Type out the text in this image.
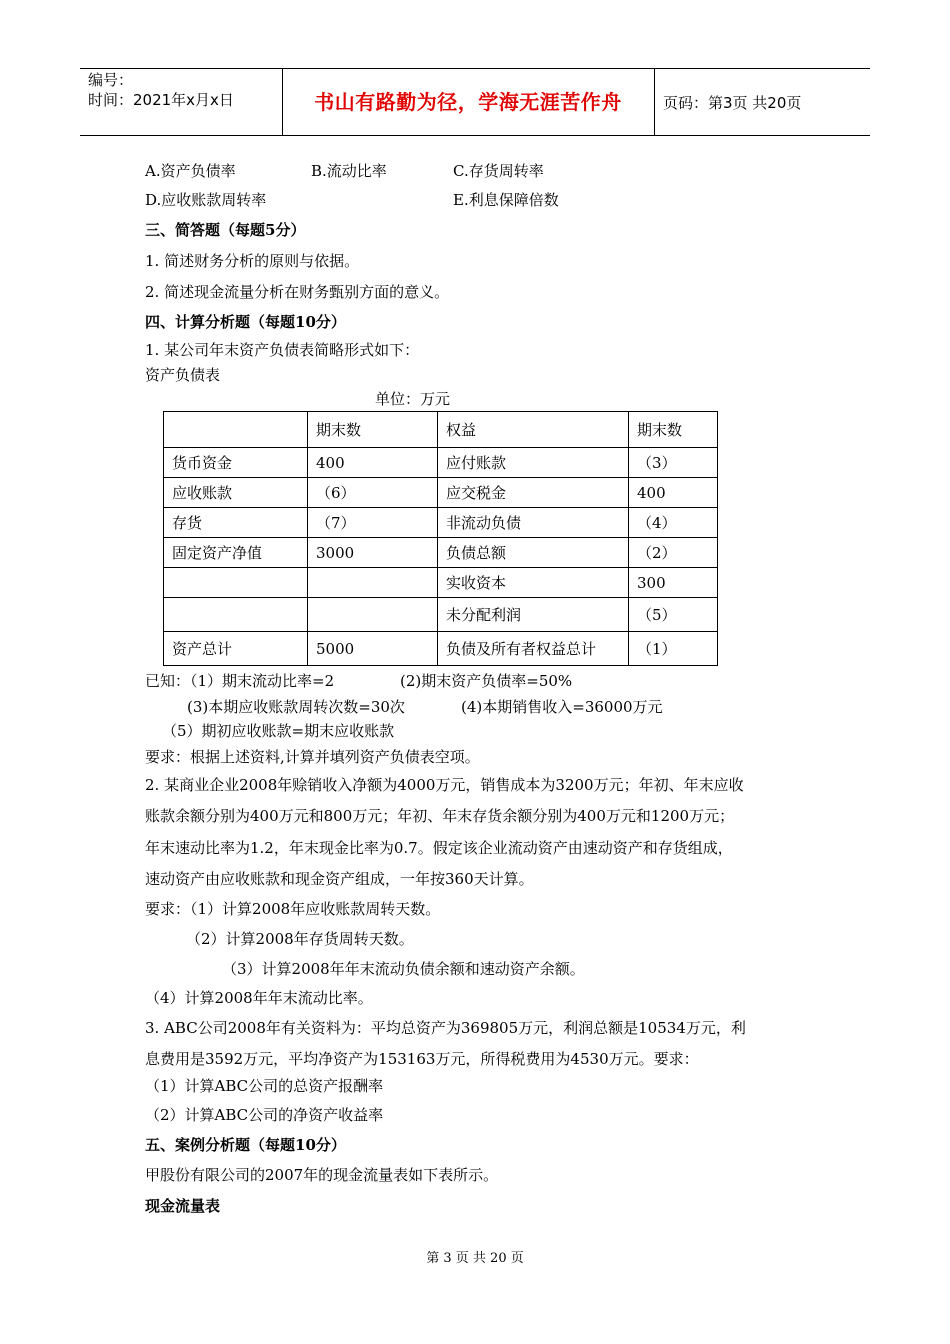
编号：
时间：2021年x月x日	书山有路勤为径，学海无涯苦作舟	页码：第3页 共20页
A.资产负债率	B.流动比率	C.存货周转率
D.应收账款周转率	E.利息保障倍数
三、简答题（每题5分）
1. 简述财务分析的原则与依据。
2. 简述现金流量分析在财务甄别方面的意义。
四、计算分析题（每题10分）
1. 某公司年末资产负债表简略形式如下：
资产负债表
单位：万元
	期末数	权益	期末数
货币资金	400	应付账款	（3）
应收账款	（6）	应交税金	400
存货	（7）	非流动负债	（4）
固定资产净值	3000	负债总额	（2）
		实收资本	300
		未分配利润	（5）
资产总计	5000	负债及所有者权益总计	（1）
已知：（1）期末流动比率=2	(2)期末资产负债率=50%
(3)本期应收账款周转次数=30次	(4)本期销售收入=36000万元
（5）期初应收账款=期末应收账款
要求：根据上述资料,计算并填列资产负债表空项。
2. 某商业企业2008年赊销收入净额为4000万元，销售成本为3200万元；年初、年末应收
账款余额分别为400万元和800万元；年初、年末存货余额分别为400万元和1200万元；
年末速动比率为1.2，年末现金比率为0.7。假定该企业流动资产由速动资产和存货组成，
速动资产由应收账款和现金资产组成，一年按360天计算。
要求：（1）计算2008年应收账款周转天数。
（2）计算2008年存货周转天数。
（3）计算2008年年末流动负债余额和速动资产余额。
（4）计算2008年年末流动比率。
3. ABC公司2008年有关资料为：平均总资产为369805万元，利润总额是10534万元，利
息费用是3592万元，平均净资产为153163万元，所得税费用为4530万元。要求：
（1）计算ABC公司的总资产报酬率
（2）计算ABC公司的净资产收益率
五、案例分析题（每题10分）
甲股份有限公司的2007年的现金流量表如下表所示。
现金流量表
第 3 页 共 20 页
